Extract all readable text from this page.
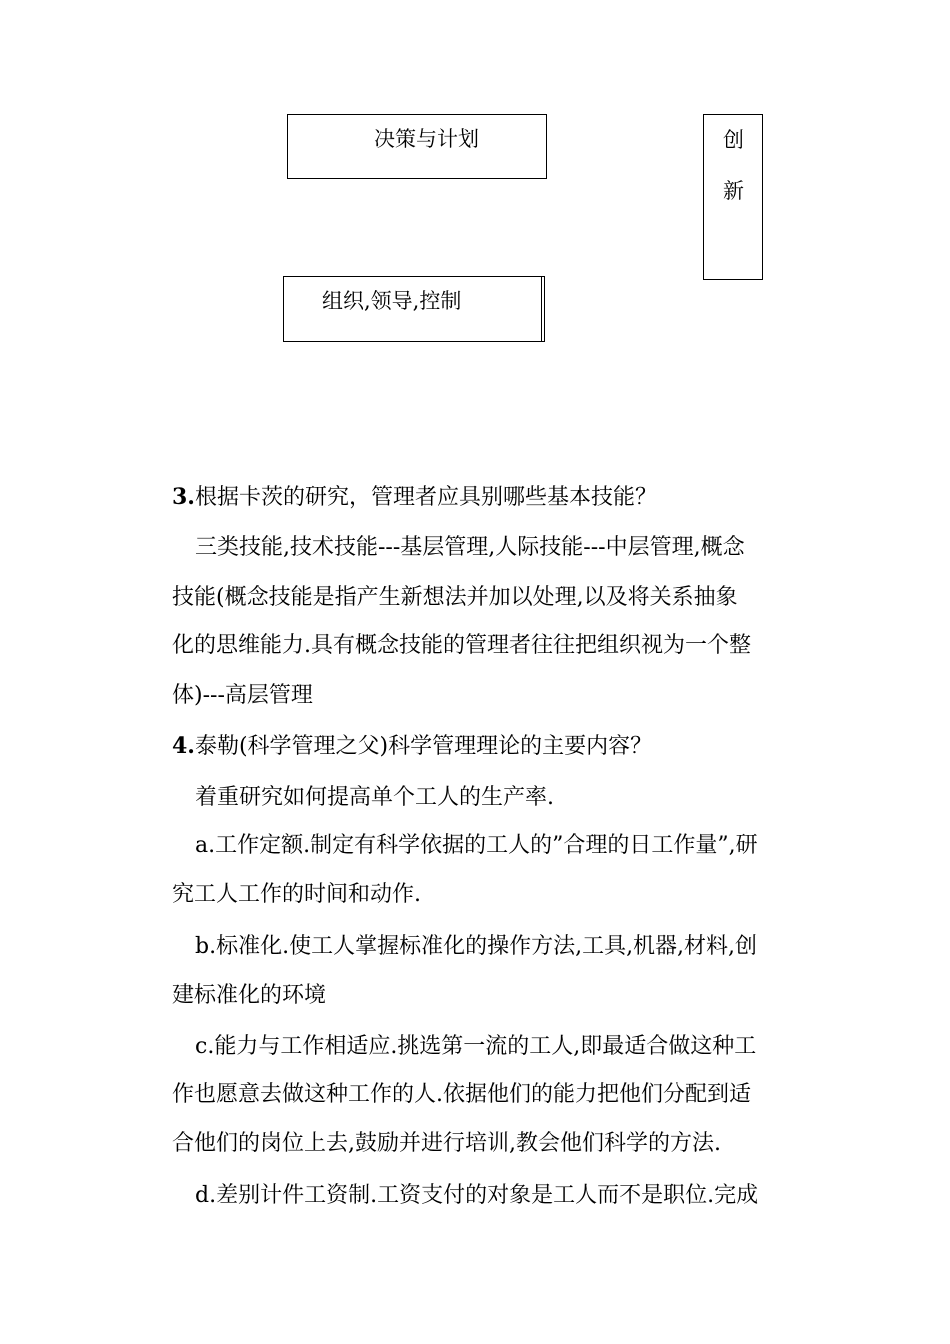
决策与计划	创
新
组织,领导,控制
3.根据卡茨的研究，管理者应具别哪些基本技能？
三类技能,技术技能---基层管理,人际技能---中层管理,概念
技能(概念技能是指产生新想法并加以处理,以及将关系抽象
化的思维能力.具有概念技能的管理者往往把组织视为一个整
体)---高层管理
4.泰勒(科学管理之父)科学管理理论的主要内容？
着重研究如何提高单个工人的生产率.
a.工作定额.制定有科学依据的工人的”合理的日工作量”,研
究工人工作的时间和动作.
b.标准化.使工人掌握标准化的操作方法,工具,机器,材料,创
建标准化的环境
c.能力与工作相适应.挑选第一流的工人,即最适合做这种工
作也愿意去做这种工作的人.依据他们的能力把他们分配到适
合他们的岗位上去,鼓励并进行培训,教会他们科学的方法.
d.差别计件工资制.工资支付的对象是工人而不是职位.完成
